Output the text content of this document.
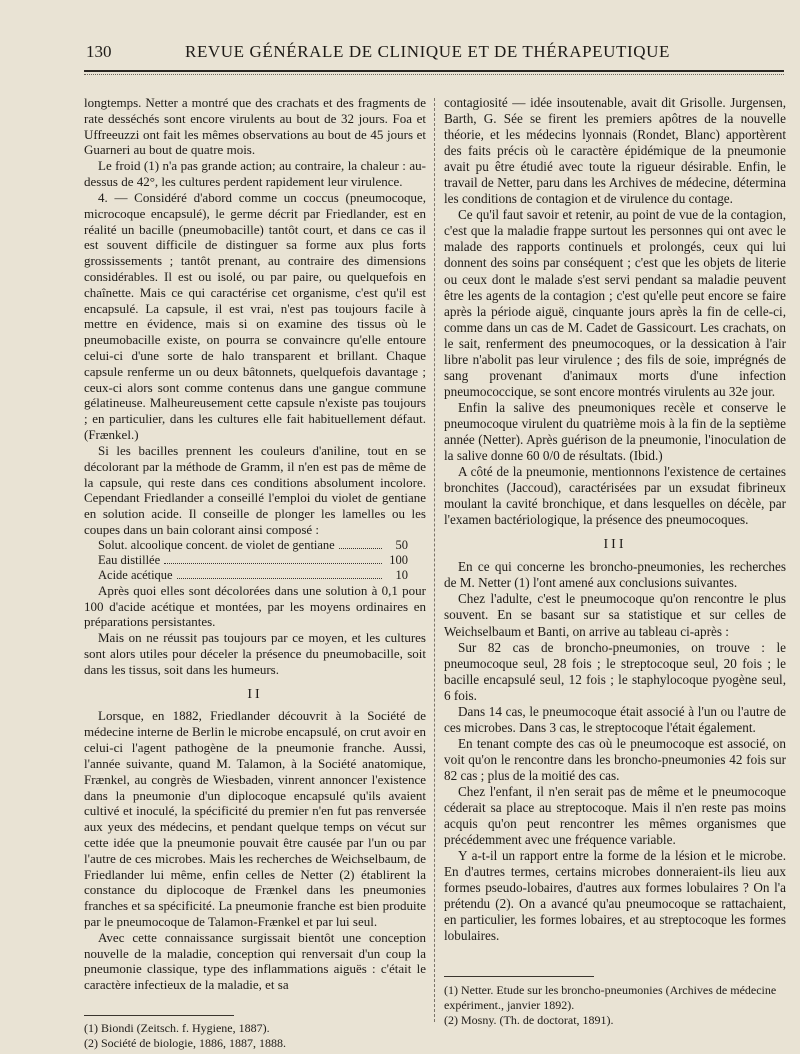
130	REVUE GÉNÉRALE DE CLINIQUE ET DE THÉRAPEUTIQUE

longtemps. Netter a montré que des crachats et des fragments de rate desséchés sont encore virulents au bout de 32 jours. Foa et Uffreeuzzi ont fait les mêmes observations au bout de 45 jours et Guarneri au bout de quatre mois.

Le froid (1) n'a pas grande action; au contraire, la chaleur : au-dessus de 42°, les cultures perdent rapidement leur virulence.

4. — Considéré d'abord comme un coccus (pneumocoque, microcoque encapsulé), le germe décrit par Friedlander, est en réalité un bacille (pneumobacille) tantôt court, et dans ce cas il est souvent difficile de distinguer sa forme aux plus forts grossissements ; tantôt prenant, au contraire des dimensions considérables. Il est ou isolé, ou par paire, ou quelquefois en chaînette. Mais ce qui caractérise cet organisme, c'est qu'il est encapsulé. La capsule, il est vrai, n'est pas toujours facile à mettre en évidence, mais si on examine des tissus où le pneumobacille existe, on pourra se convaincre qu'elle entoure celui-ci d'une sorte de halo transparent et brillant. Chaque capsule renferme un ou deux bâtonnets, quelquefois davantage ; ceux-ci alors sont comme contenus dans une gangue commune gélatineuse. Malheureusement cette capsule n'existe pas toujours ; en particulier, dans les cultures elle fait habituellement défaut. (Frænkel.)

Si les bacilles prennent les couleurs d'aniline, tout en se décolorant par la méthode de Gramm, il n'en est pas de même de la capsule, qui reste dans ces conditions absolument incolore. Cependant Friedlander a conseillé l'emploi du violet de gentiane en solution acide. Il conseille de plonger les lamelles ou les coupes dans un bain colorant ainsi composé :

Solut. alcoolique concent. de violet de gentiane	50
Eau distillée	100
Acide acétique	10

Après quoi elles sont décolorées dans une solution à 0,1 pour 100 d'acide acétique et montées, par les moyens ordinaires en préparations persistantes.

Mais on ne réussit pas toujours par ce moyen, et les cultures sont alors utiles pour déceler la présence du pneumobacille, soit dans les tissus, soit dans les humeurs.

II

Lorsque, en 1882, Friedlander découvrit à la Société de médecine interne de Berlin le microbe encapsulé, on crut avoir en celui-ci l'agent pathogène de la pneumonie franche. Aussi, l'année suivante, quand M. Talamon, à la Société anatomique, Frænkel, au congrès de Wiesbaden, vinrent annoncer l'existence dans la pneumonie d'un diplocoque encapsulé qu'ils avaient cultivé et inoculé, la spécificité du premier n'en fut pas renversée aux yeux des médecins, et pendant quelque temps on vécut sur cette idée que la pneumonie pouvait être causée par l'un ou par l'autre de ces microbes. Mais les recherches de Weichselbaum, de Friedlander lui même, enfin celles de Netter (2) établirent la constance du diplocoque de Frænkel dans les pneumonies franches et sa spécificité. La pneumonie franche est bien produite par le pneumocoque de Talamon-Frænkel et par lui seul.

Avec cette connaissance surgissait bientôt une conception nouvelle de la maladie, conception qui renversait d'un coup la pneumonie classique, type des inflammations aiguës : c'était le caractère infectieux de la maladie, et sa

contagiosité — idée insoutenable, avait dit Grisolle. Jurgensen, Barth, G. Sée se firent les premiers apôtres de la nouvelle théorie, et les médecins lyonnais (Rondet, Blanc) apportèrent des faits précis où le caractère épidémique de la pneumonie avait pu être étudié avec toute la rigueur désirable. Enfin, le travail de Netter, paru dans les Archives de médecine, détermina les conditions de contagion et de virulence du contage.

Ce qu'il faut savoir et retenir, au point de vue de la contagion, c'est que la maladie frappe surtout les personnes qui ont avec le malade des rapports continuels et prolongés, ceux qui lui donnent des soins par conséquent ; c'est que les objets de literie ou ceux dont le malade s'est servi pendant sa maladie peuvent être les agents de la contagion ; c'est qu'elle peut encore se faire après la période aiguë, cinquante jours après la fin de celle-ci, comme dans un cas de M. Cadet de Gassicourt. Les crachats, on le sait, renferment des pneumocoques, or la dessication à l'air libre n'abolit pas leur virulence ; des fils de soie, imprégnés de sang provenant d'animaux morts d'une infection pneumococcique, se sont encore montrés virulents au 32e jour.

Enfin la salive des pneumoniques recèle et conserve le pneumocoque virulent du quatrième mois à la fin de la septième année (Netter). Après guérison de la pneumonie, l'inoculation de la salive donne 60 0/0 de résultats. (Ibid.)

A côté de la pneumonie, mentionnons l'existence de certaines bronchites (Jaccoud), caractérisées par un exsudat fibrineux moulant la cavité bronchique, et dans lesquelles on décèle, par l'examen bactériologique, la présence des pneumocoques.

III

En ce qui concerne les broncho-pneumonies, les recherches de M. Netter (1) l'ont amené aux conclusions suivantes.

Chez l'adulte, c'est le pneumocoque qu'on rencontre le plus souvent. En se basant sur sa statistique et sur celles de Weichselbaum et Banti, on arrive au tableau ci-après :

Sur 82 cas de broncho-pneumonies, on trouve : le pneumocoque seul, 28 fois ; le streptocoque seul, 20 fois ; le bacille encapsulé seul, 12 fois ; le staphylocoque pyogène seul, 6 fois.

Dans 14 cas, le pneumocoque était associé à l'un ou l'autre de ces microbes. Dans 3 cas, le streptocoque l'était également.

En tenant compte des cas où le pneumocoque est associé, on voit qu'on le rencontre dans les broncho-pneumonies 42 fois sur 82 cas ; plus de la moitié des cas.

Chez l'enfant, il n'en serait pas de même et le pneumocoque céderait sa place au streptocoque. Mais il n'en reste pas moins acquis qu'on peut rencontrer les mêmes organismes que précédemment avec une fréquence variable.

Y a-t-il un rapport entre la forme de la lésion et le microbe. En d'autres termes, certains microbes donneraient-ils lieu aux formes pseudo-lobaires, d'autres aux formes lobulaires ? On l'a prétendu (2). On a avancé qu'au pneumocoque se rattachaient, en particulier, les formes lobaires, et au streptocoque les formes lobulaires.

(1) Biondi (Zeitsch. f. Hygiene, 1887).
(2) Société de biologie, 1886, 1887, 1888.
(1) Netter. Etude sur les broncho-pneumonies (Archives de médecine expériment., janvier 1892).
(2) Mosny. (Th. de doctorat, 1891).
